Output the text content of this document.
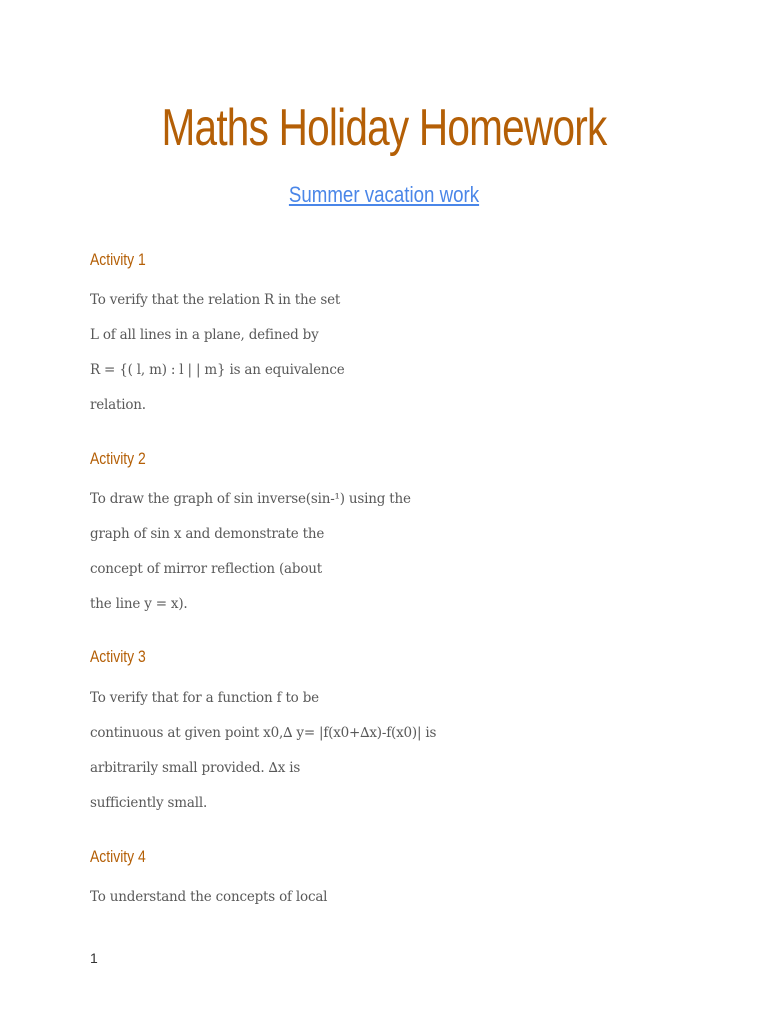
Maths Holiday Homework
Summer vacation work
Activity 1

To verify that the relation R in the set

L of all lines in a plane, defined by

R = {( l, m) : l | | m} is an equivalence

relation.

Activity 2

To draw the graph of sin inverse(sin-¹) using the

graph of sin x and demonstrate the

concept of mirror reflection (about

the line y = x).

Activity 3

To verify that for a function f to be

continuous at given point x0,∆ y= |f(x0+∆x)-f(x0)| is

arbitrarily small provided. ∆x is

sufficiently small.

Activity 4

To understand the concepts of local

1
